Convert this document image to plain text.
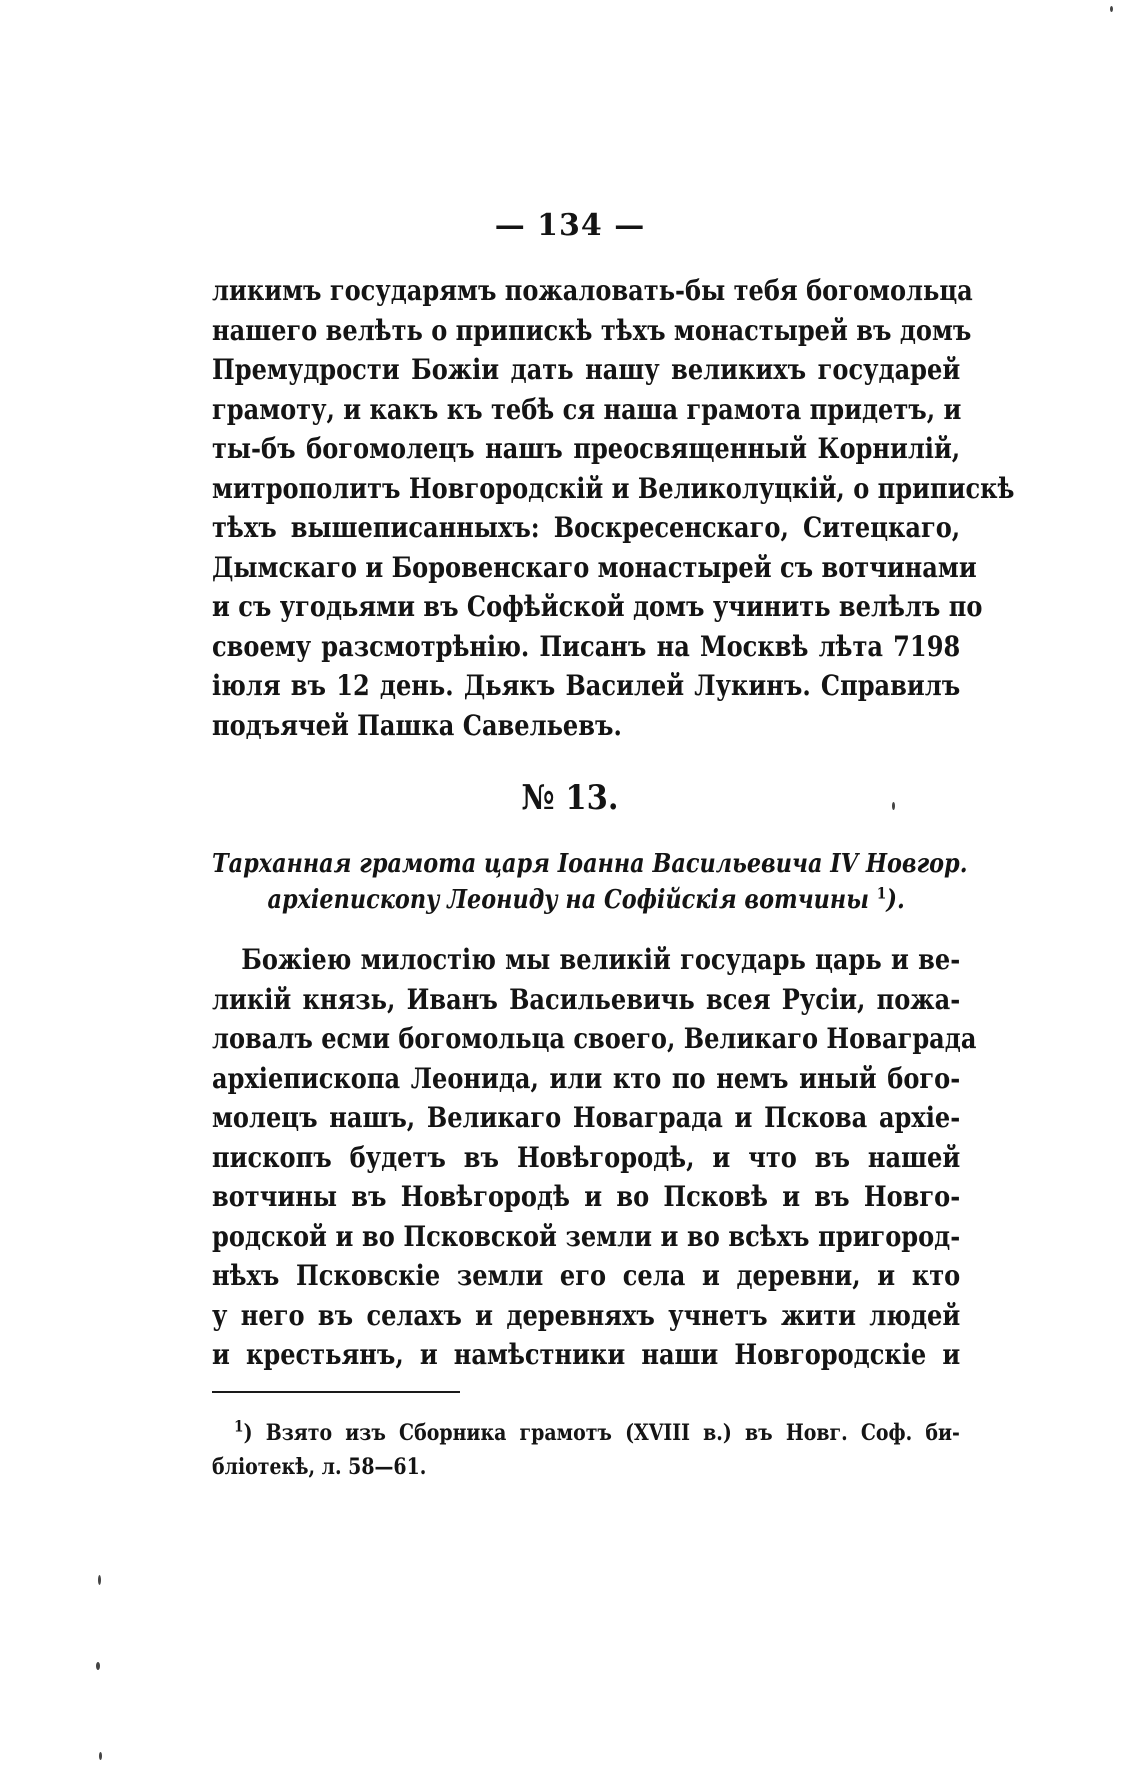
— 134 —
ликимъ государямъ пожаловать-бы тебя богомольца
нашего велѣть о припискѣ тѣхъ монастырей въ домъ
Премудрости Божiи дать нашу великихъ государей
грамоту, и какъ къ тебѣ ся наша грамота придетъ, и
ты-бъ богомолецъ нашъ преосвященный Корнилiй,
митрополитъ Новгородскiй и Великолуцкiй, о припискѣ
тѣхъ вышеписанныхъ: Воскресенскаго, Ситецкаго,
Дымскаго и Боровенскаго монастырей съ вотчинами
и съ угодьями въ Софѣйской домъ учинить велѣлъ по
своему разсмотрѣнiю. Писанъ на Москвѣ лѣта 7198
iюля въ 12 день. Дьякъ Василей Лукинъ. Справилъ
подъячей Пашка Савельевъ.
№ 13.
Тарханная грамота царя Iоанна Васильевича IV Новгор.
архiепископу Леониду на Софiйскiя вотчины $^1$).
Божiею милостiю мы великiй государь царь и ве-
ликiй князь, Иванъ Васильевичь всея Русiи, пожа-
ловалъ есми богомольца своего, Великаго Новаграда
архiепископа Леонида, или кто по немъ иный бого-
молецъ нашъ, Великаго Новаграда и Пскова архiе-
пископъ будетъ въ Новѣгородѣ, и что въ нашей
вотчины въ Новѣгородѣ и во Псковѣ и въ Новго-
родской и во Псковской земли и во всѣхъ пригород-
нѣхъ Псковскiе земли его села и деревни, и кто
у него въ селахъ и деревняхъ учнетъ жити людей
и крестьянъ, и намѣстники наши Новгородскiе и
$^1$) Взято изъ Сборника грамотъ (XVIII в.) въ Новг. Соф. би-
блiотекѣ, л. 58—61.
